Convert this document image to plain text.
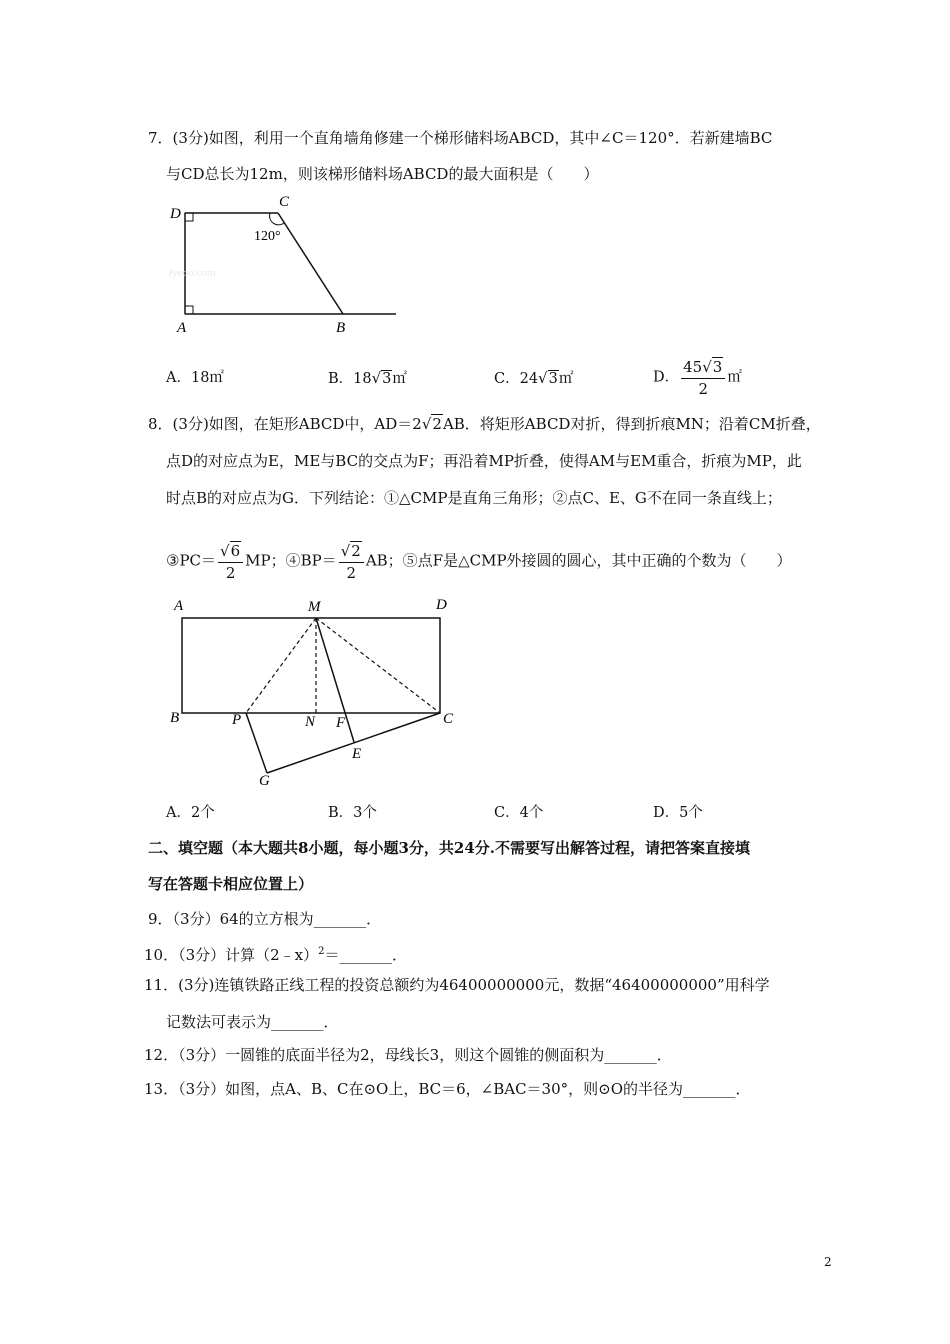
7．(3分)如图，利用一个直角墙角修建一个梯形储料场ABCD，其中∠C＝120°．若新建墙BC
与CD总长为12m，则该梯形储料场ABCD的最大面积是（　　）
D
C
120°
A	B
Jyeoo.com
A．18㎡	B．18√3㎡	C．24√3㎡	D． $\frac{45√3}{2}$ ㎡
8．(3分)如图，在矩形ABCD中，AD＝2√2AB．将矩形ABCD对折，得到折痕MN；沿着CM折叠，
点D的对应点为E，ME与BC的交点为F；再沿着MP折叠，使得AM与EM重合，折痕为MP，此
时点B的对应点为G．下列结论：①△CMP是直角三角形；②点C、E、G不在同一条直线上；
③PC＝ $\frac{√6}{2}$ MP；④BP＝ $\frac{√2}{2}$ AB；⑤点F是△CMP外接圆的圆心，其中正确的个数为（　　）
A	M	D
B	P	N F	C
E
G
A．2个	B．3个	C．4个	D．5个
二、填空题（本大题共8小题，每小题3分，共24分.不需要写出解答过程，请把答案直接填
写在答题卡相应位置上）
9．（3分）64的立方根为_______．
10．（3分）计算（2﹣x）$^2$＝_______．
11．(3分)连镇铁路正线工程的投资总额约为46400000000元，数据“46400000000”用科学
记数法可表示为_______．
12．（3分）一圆锥的底面半径为2，母线长3，则这个圆锥的侧面积为_______．
13．（3分）如图，点A、B、C在⊙O上，BC＝6，∠BAC＝30°，则⊙O的半径为_______．
2
